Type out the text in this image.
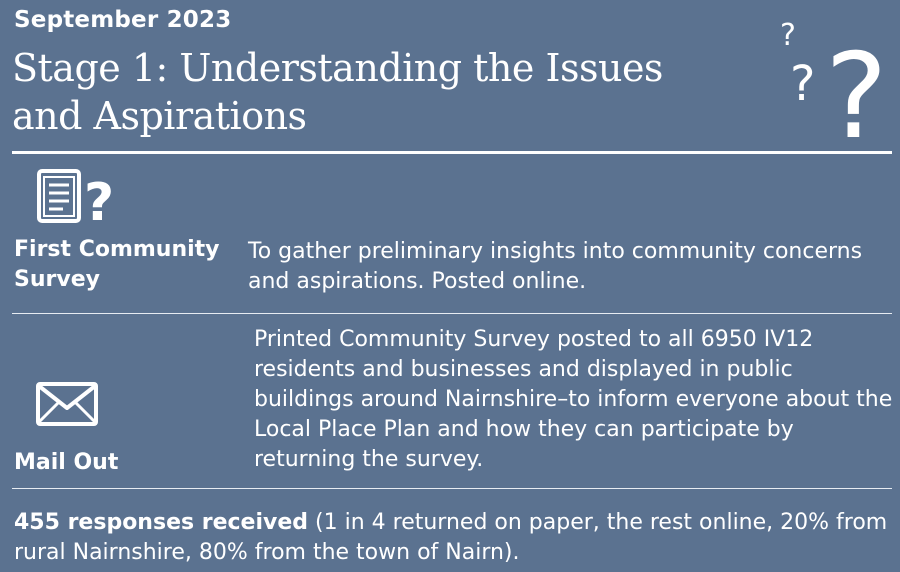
September 2023
Stage 1: Understanding the Issues and Aspirations
?
? ?
?
First Community Survey
To gather preliminary insights into community concerns and aspirations. Posted online.
Mail Out
Printed Community Survey posted to all 6950 IV12 residents and businesses and displayed in public buildings around Nairnshire–to inform everyone about the Local Place Plan and how they can participate by returning the survey.
455 responses received (1 in 4 returned on paper, the rest online, 20% from rural Nairnshire, 80% from the town of Nairn).
